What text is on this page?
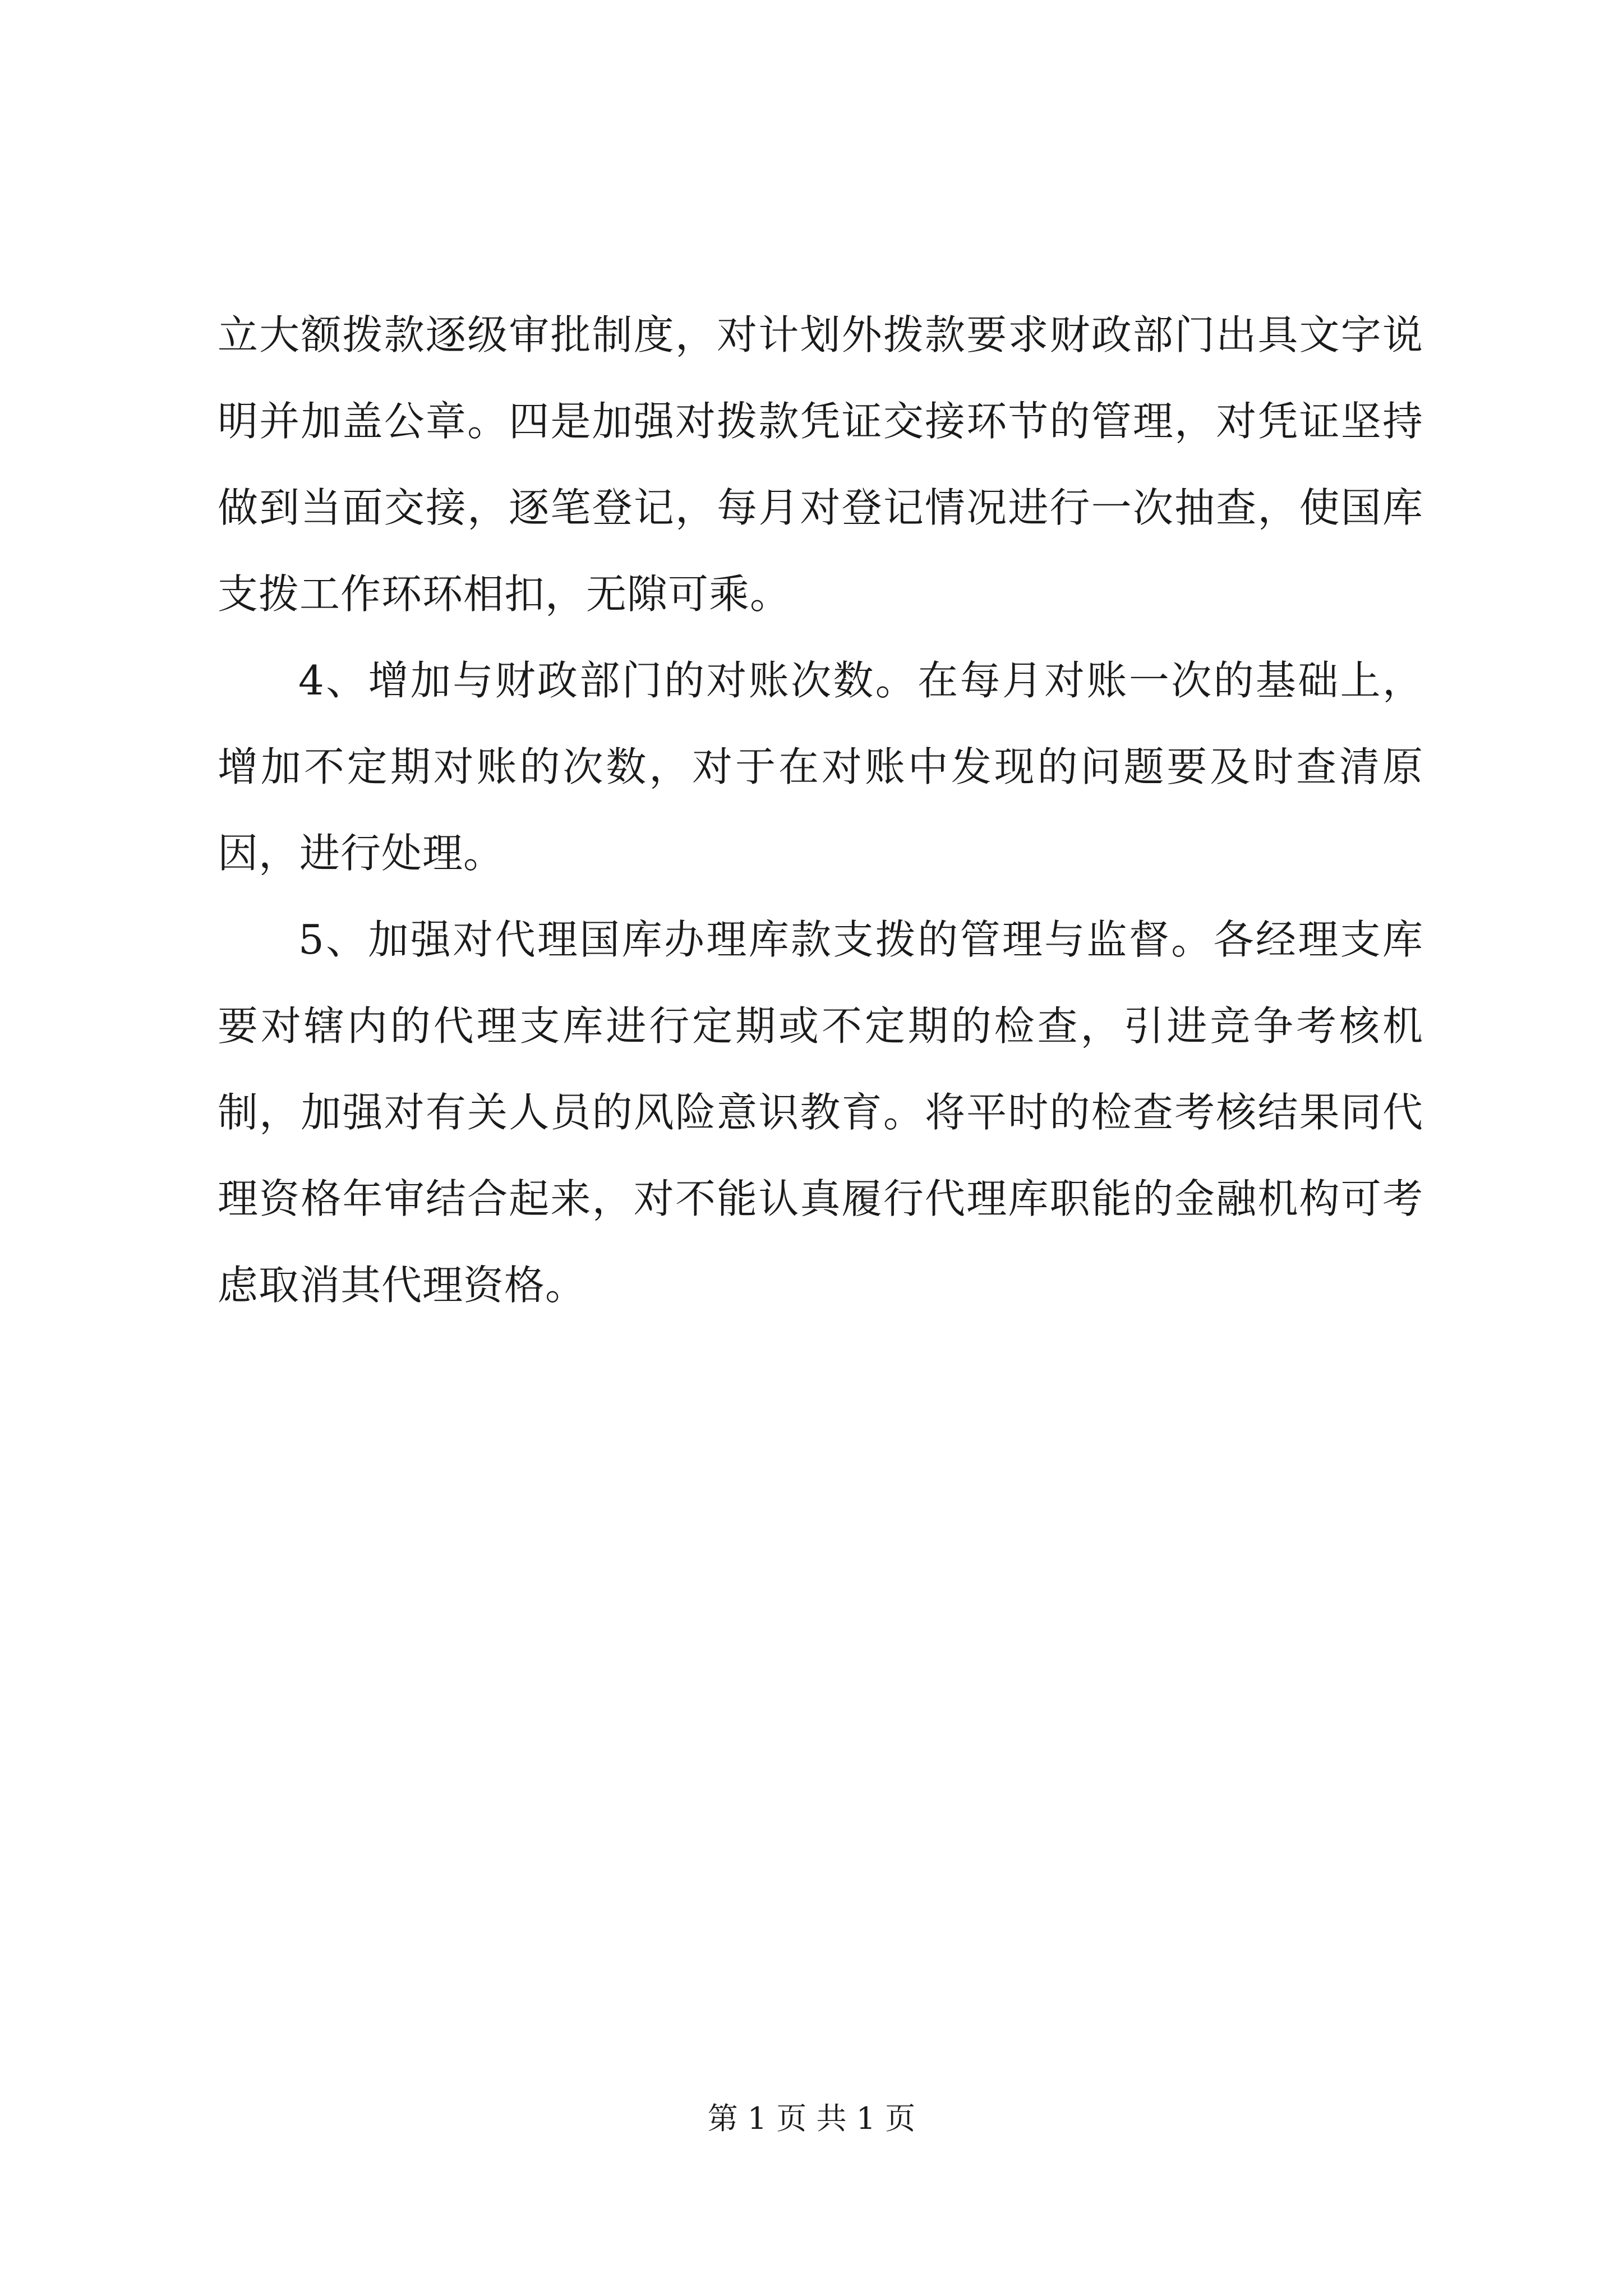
立大额拨款逐级审批制度，对计划外拨款要求财政部门出具文字说明并加盖公章。四是加强对拨款凭证交接环节的管理，对凭证坚持做到当面交接，逐笔登记，每月对登记情况进行一次抽查，使国库支拨工作环环相扣，无隙可乘。

4、增加与财政部门的对账次数。在每月对账一次的基础上，增加不定期对账的次数，对于在对账中发现的问题要及时查清原因，进行处理。

5、加强对代理国库办理库款支拨的管理与监督。各经理支库要对辖内的代理支库进行定期或不定期的检查，引进竞争考核机制，加强对有关人员的风险意识教育。将平时的检查考核结果同代理资格年审结合起来，对不能认真履行代理库职能的金融机构可考虑取消其代理资格。

第 1 页 共 1 页
